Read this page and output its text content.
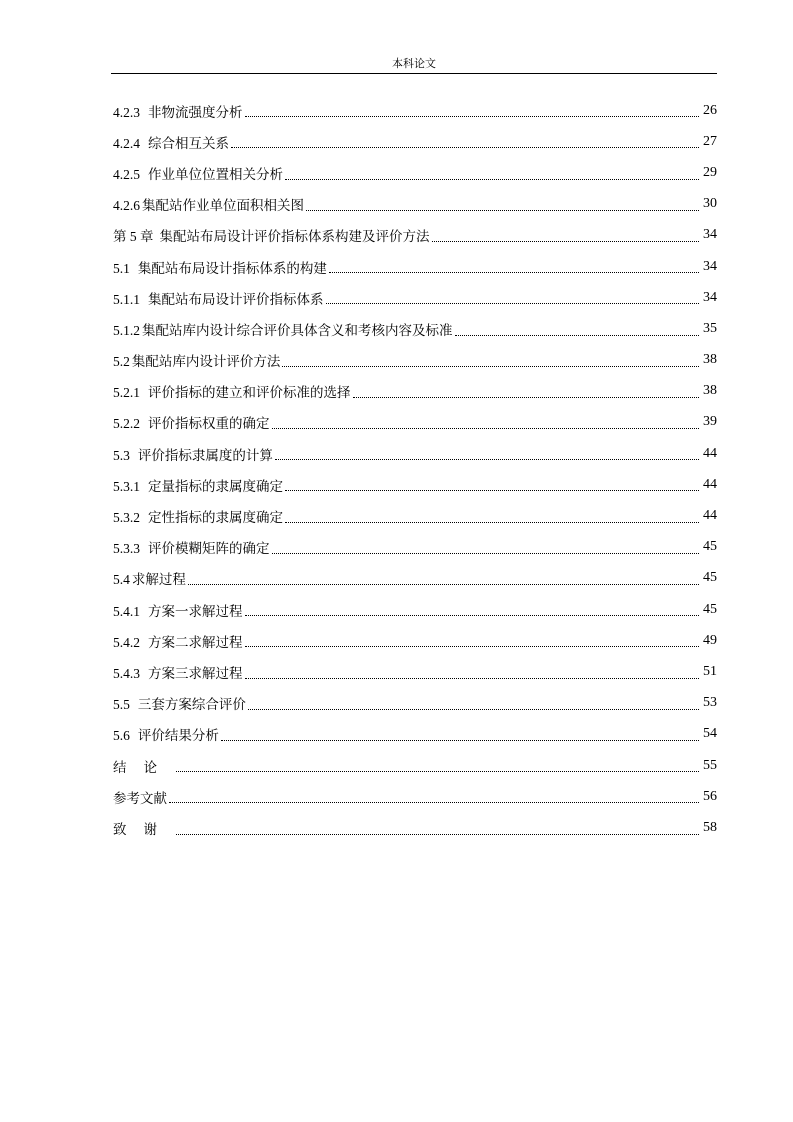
本科论文
4.2.3 非物流强度分析	26
4.2.4 综合相互关系	27
4.2.5 作业单位位置相关分析	29
4.2.6 集配站作业单位面积相关图	30
第 5 章 集配站布局设计评价指标体系构建及评价方法	34
5.1 集配站布局设计指标体系的构建	34
5.1.1 集配站布局设计评价指标体系	34
5.1.2 集配站库内设计综合评价具体含义和考核内容及标准	35
5.2 集配站库内设计评价方法	38
5.2.1 评价指标的建立和评价标准的选择	38
5.2.2 评价指标权重的确定	39
5.3 评价指标隶属度的计算	44
5.3.1 定量指标的隶属度确定	44
5.3.2 定性指标的隶属度确定	44
5.3.3 评价模糊矩阵的确定	45
5.4 求解过程	45
5.4.1 方案一求解过程	45
5.4.2 方案二求解过程	49
5.4.3 方案三求解过程	51
5.5 三套方案综合评价	53
5.6 评价结果分析	54
结论	55
参考文献	56
致谢	58
